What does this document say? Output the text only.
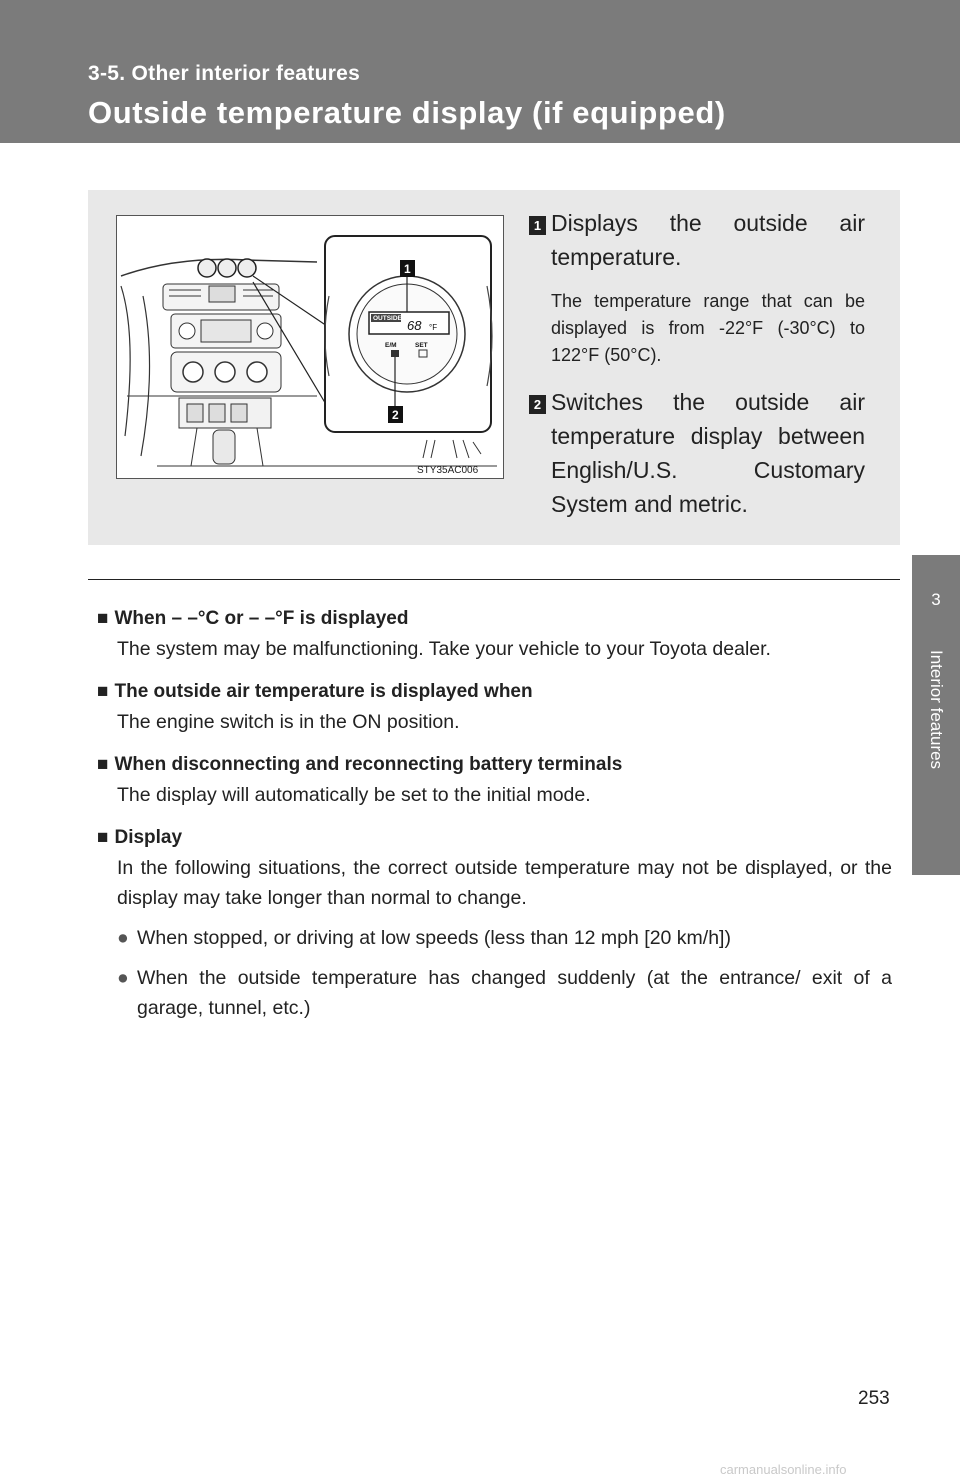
3-5. Other interior features
Outside temperature display (if equipped)
3
Interior features
OUTSIDE 68 °F
E/M	SET
1
2
STY35AC006
1 Displays the outside air temperature.
The temperature range that can be displayed is from -22°F (-30°C) to 122°F (50°C).
2 Switches the outside air temperature display between English/U.S. Customary System and metric.
■ When – –°C or – –°F is displayed
The system may be malfunctioning. Take your vehicle to your Toyota dealer.
■ The outside air temperature is displayed when
The engine switch is in the ON position.
■ When disconnecting and reconnecting battery terminals
The display will automatically be set to the initial mode.
■ Display
In the following situations, the correct outside temperature may not be displayed, or the display may take longer than normal to change.
● When stopped, or driving at low speeds (less than 12 mph [20 km/h])
● When the outside temperature has changed suddenly (at the entrance/ exit of a garage, tunnel, etc.)
253
carmanualsonline.info
